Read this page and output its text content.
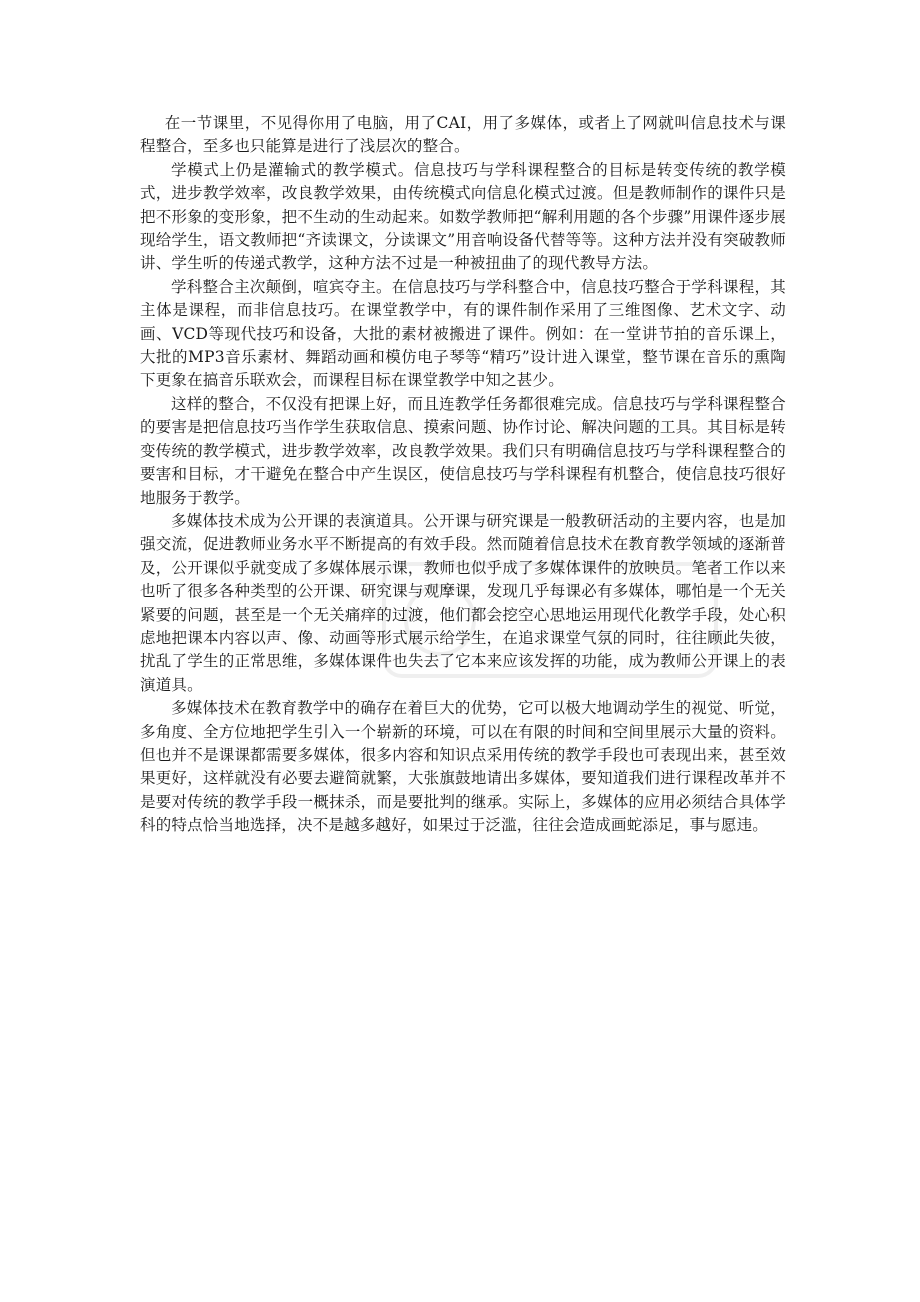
在一节课里，不见得你用了电脑，用了CAI，用了多媒体，或者上了网就叫信息技术与课程整合，至多也只能算是进行了浅层次的整合。

学模式上仍是灌输式的教学模式。信息技巧与学科课程整合的目标是转变传统的教学模式，进步教学效率，改良教学效果，由传统模式向信息化模式过渡。但是教师制作的课件只是把不形象的变形象，把不生动的生动起来。如数学教师把“解利用题的各个步骤”用课件逐步展现给学生，语文教师把“齐读课文，分读课文”用音响设备代替等等。这种方法并没有突破教师讲、学生听的传递式教学，这种方法不过是一种被扭曲了的现代教导方法。

学科整合主次颠倒，喧宾夺主。在信息技巧与学科整合中，信息技巧整合于学科课程，其主体是课程，而非信息技巧。在课堂教学中，有的课件制作采用了三维图像、艺术文字、动画、VCD等现代技巧和设备，大批的素材被搬进了课件。例如：在一堂讲节拍的音乐课上，大批的MP3音乐素材、舞蹈动画和模仿电子琴等“精巧”设计进入课堂，整节课在音乐的熏陶下更象在搞音乐联欢会，而课程目标在课堂教学中知之甚少。

这样的整合，不仅没有把课上好，而且连教学任务都很难完成。信息技巧与学科课程整合的要害是把信息技巧当作学生获取信息、摸索问题、协作讨论、解决问题的工具。其目标是转变传统的教学模式，进步教学效率，改良教学效果。我们只有明确信息技巧与学科课程整合的要害和目标，才干避免在整合中产生误区，使信息技巧与学科课程有机整合，使信息技巧很好地服务于教学。

多媒体技术成为公开课的表演道具。公开课与研究课是一般教研活动的主要内容，也是加强交流，促进教师业务水平不断提高的有效手段。然而随着信息技术在教育教学领域的逐渐普及，公开课似乎就变成了多媒体展示课，教师也似乎成了多媒体课件的放映员。笔者工作以来也听了很多各种类型的公开课、研究课与观摩课，发现几乎每课必有多媒体，哪怕是一个无关紧要的问题，甚至是一个无关痛痒的过渡，他们都会挖空心思地运用现代化教学手段，处心积虑地把课本内容以声、像、动画等形式展示给学生，在追求课堂气氛的同时，往往顾此失彼，扰乱了学生的正常思维，多媒体课件也失去了它本来应该发挥的功能，成为教师公开课上的表演道具。

多媒体技术在教育教学中的确存在着巨大的优势，它可以极大地调动学生的视觉、听觉，多角度、全方位地把学生引入一个崭新的环境，可以在有限的时间和空间里展示大量的资料。但也并不是课课都需要多媒体，很多内容和知识点采用传统的教学手段也可表现出来，甚至效果更好，这样就没有必要去避简就繁，大张旗鼓地请出多媒体，要知道我们进行课程改革并不是要对传统的教学手段一概抹杀，而是要批判的继承。实际上，多媒体的应用必须结合具体学科的特点恰当地选择，决不是越多越好，如果过于泛滥，往往会造成画蛇添足，事与愿违。
